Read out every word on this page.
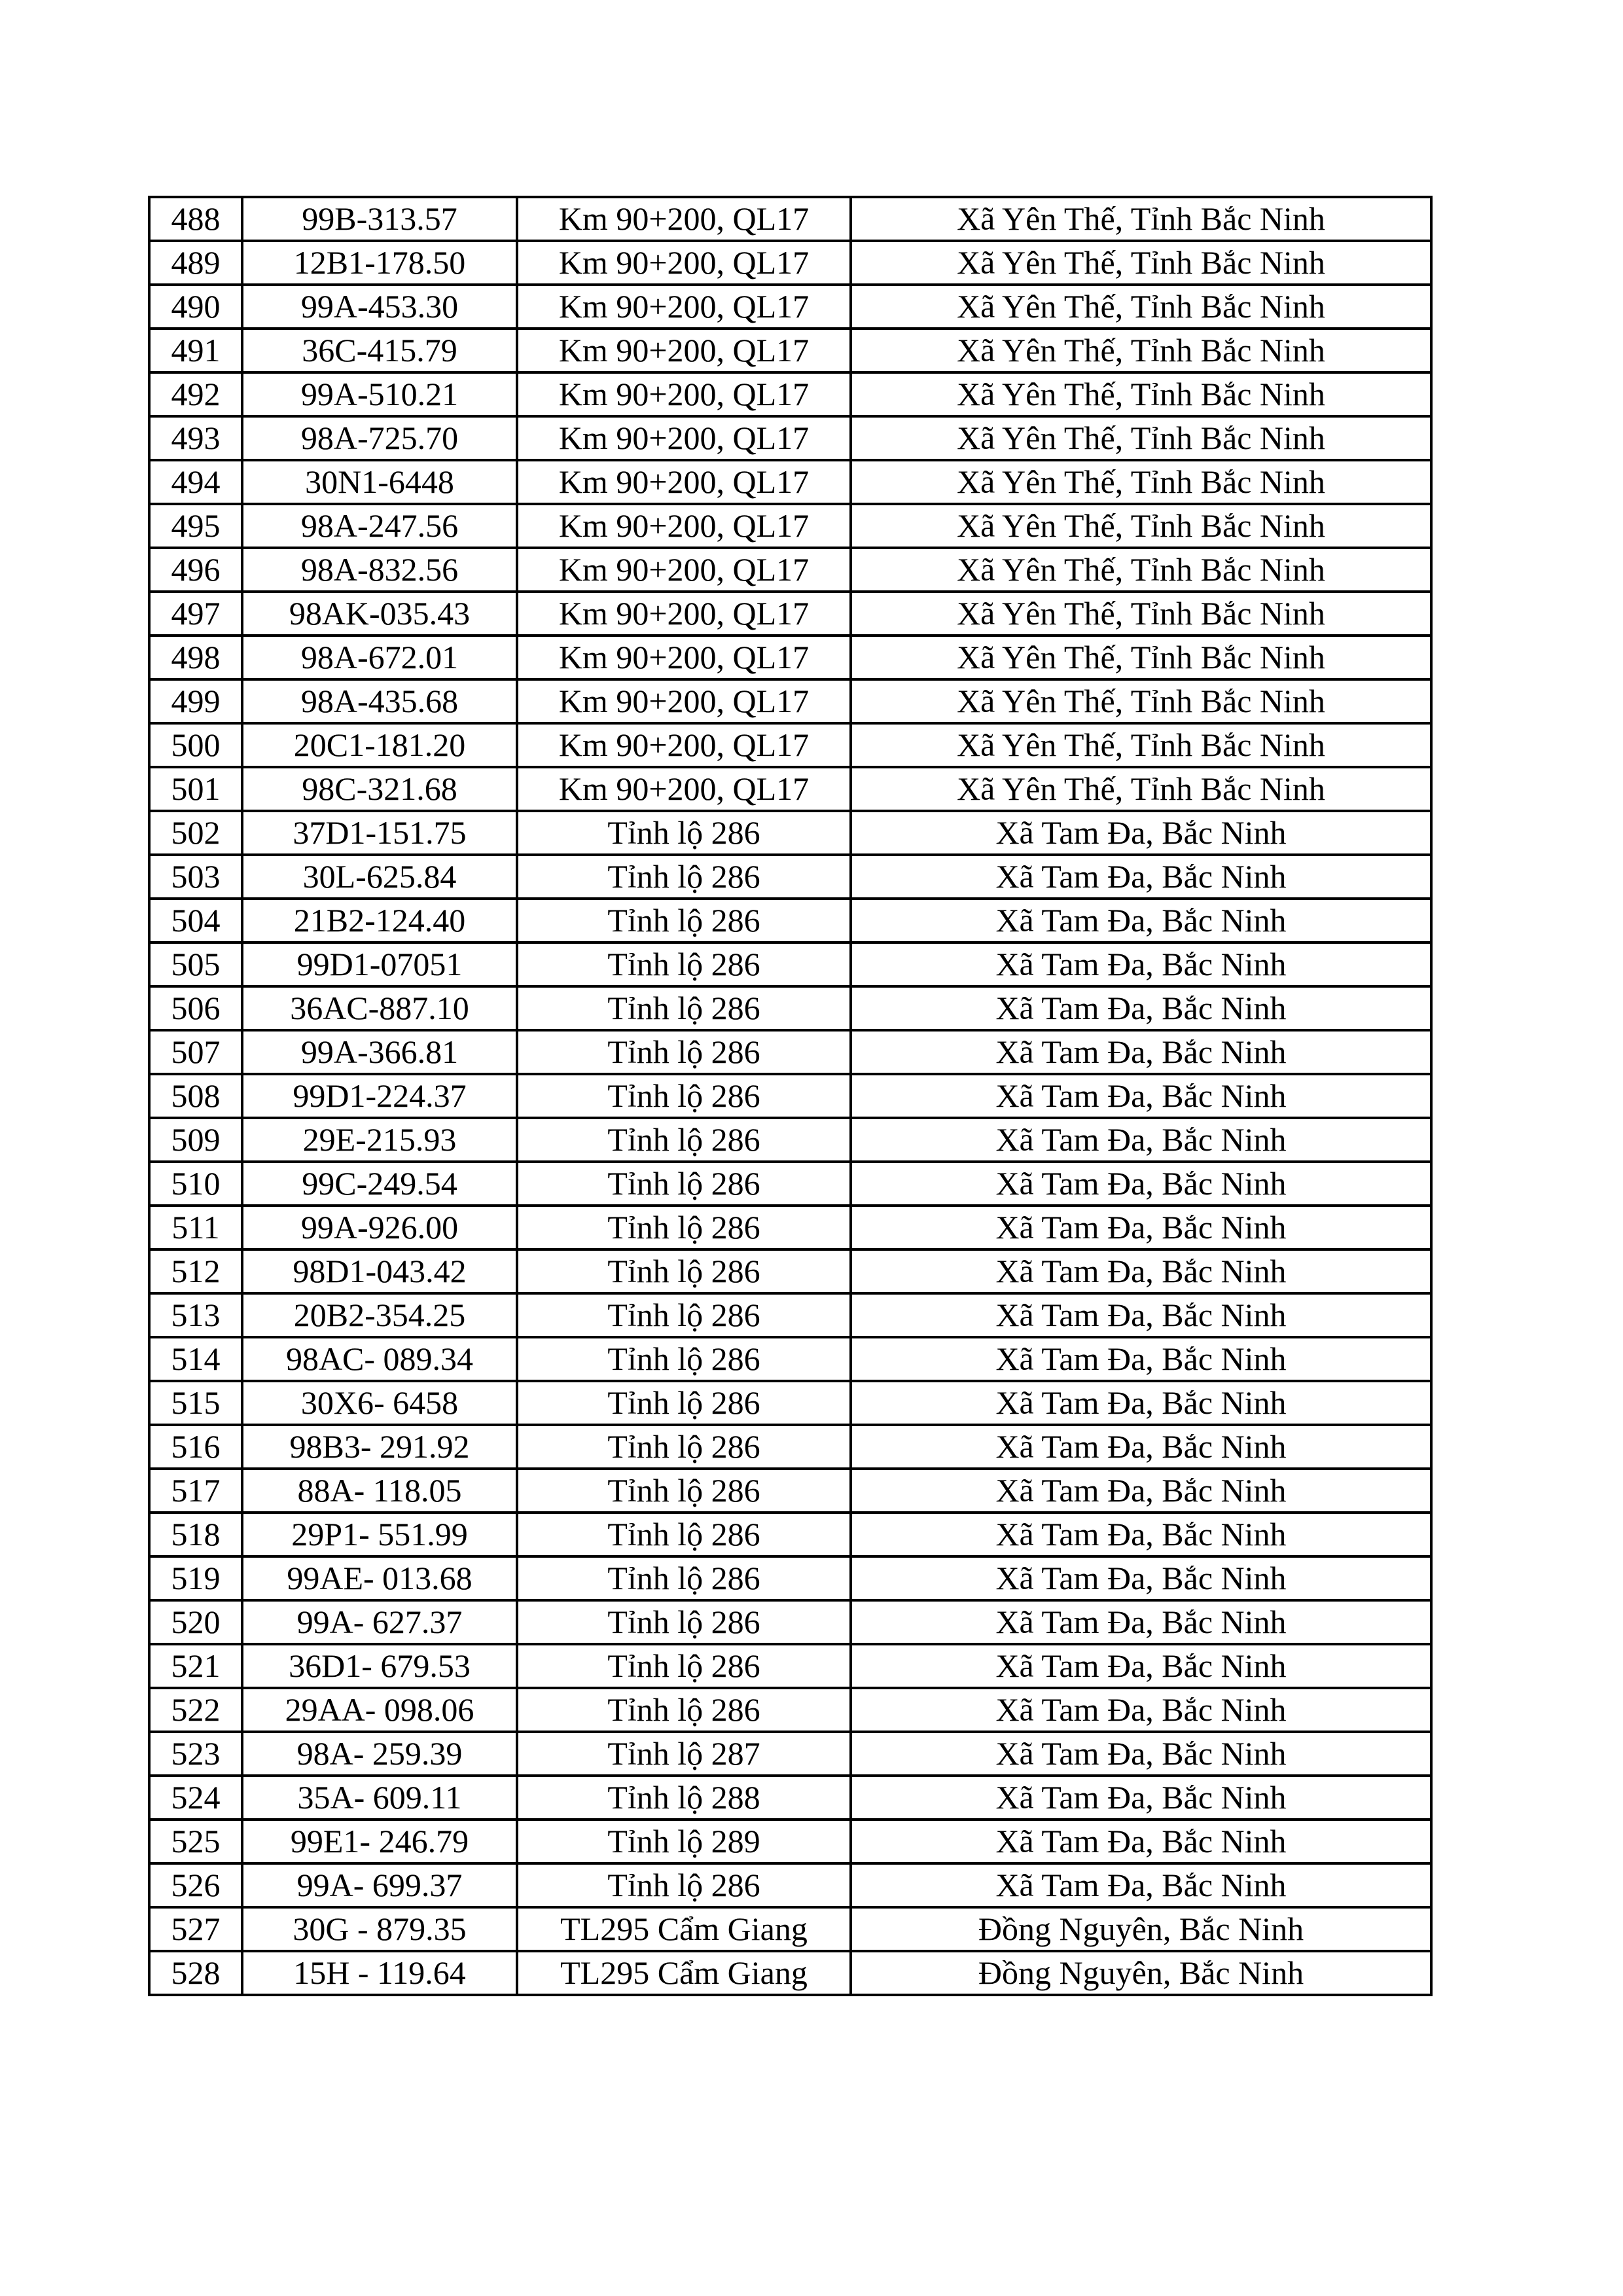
488	99B-313.57	Km 90+200, QL17	Xã Yên Thế, Tỉnh Bắc Ninh
489	12B1-178.50	Km 90+200, QL17	Xã Yên Thế, Tỉnh Bắc Ninh
490	99A-453.30	Km 90+200, QL17	Xã Yên Thế, Tỉnh Bắc Ninh
491	36C-415.79	Km 90+200, QL17	Xã Yên Thế, Tỉnh Bắc Ninh
492	99A-510.21	Km 90+200, QL17	Xã Yên Thế, Tỉnh Bắc Ninh
493	98A-725.70	Km 90+200, QL17	Xã Yên Thế, Tỉnh Bắc Ninh
494	30N1-6448	Km 90+200, QL17	Xã Yên Thế, Tỉnh Bắc Ninh
495	98A-247.56	Km 90+200, QL17	Xã Yên Thế, Tỉnh Bắc Ninh
496	98A-832.56	Km 90+200, QL17	Xã Yên Thế, Tỉnh Bắc Ninh
497	98AK-035.43	Km 90+200, QL17	Xã Yên Thế, Tỉnh Bắc Ninh
498	98A-672.01	Km 90+200, QL17	Xã Yên Thế, Tỉnh Bắc Ninh
499	98A-435.68	Km 90+200, QL17	Xã Yên Thế, Tỉnh Bắc Ninh
500	20C1-181.20	Km 90+200, QL17	Xã Yên Thế, Tỉnh Bắc Ninh
501	98C-321.68	Km 90+200, QL17	Xã Yên Thế, Tỉnh Bắc Ninh
502	37D1-151.75	Tỉnh lộ 286	Xã Tam Đa, Bắc Ninh
503	30L-625.84	Tỉnh lộ 286	Xã Tam Đa, Bắc Ninh
504	21B2-124.40	Tỉnh lộ 286	Xã Tam Đa, Bắc Ninh
505	99D1-07051	Tỉnh lộ 286	Xã Tam Đa, Bắc Ninh
506	36AC-887.10	Tỉnh lộ 286	Xã Tam Đa, Bắc Ninh
507	99A-366.81	Tỉnh lộ 286	Xã Tam Đa, Bắc Ninh
508	99D1-224.37	Tỉnh lộ 286	Xã Tam Đa, Bắc Ninh
509	29E-215.93	Tỉnh lộ 286	Xã Tam Đa, Bắc Ninh
510	99C-249.54	Tỉnh lộ 286	Xã Tam Đa, Bắc Ninh
511	99A-926.00	Tỉnh lộ 286	Xã Tam Đa, Bắc Ninh
512	98D1-043.42	Tỉnh lộ 286	Xã Tam Đa, Bắc Ninh
513	20B2-354.25	Tỉnh lộ 286	Xã Tam Đa, Bắc Ninh
514	98AC- 089.34	Tỉnh lộ 286	Xã Tam Đa, Bắc Ninh
515	30X6- 6458	Tỉnh lộ 286	Xã Tam Đa, Bắc Ninh
516	98B3- 291.92	Tỉnh lộ 286	Xã Tam Đa, Bắc Ninh
517	88A- 118.05	Tỉnh lộ 286	Xã Tam Đa, Bắc Ninh
518	29P1- 551.99	Tỉnh lộ 286	Xã Tam Đa, Bắc Ninh
519	99AE- 013.68	Tỉnh lộ 286	Xã Tam Đa, Bắc Ninh
520	99A- 627.37	Tỉnh lộ 286	Xã Tam Đa, Bắc Ninh
521	36D1- 679.53	Tỉnh lộ 286	Xã Tam Đa, Bắc Ninh
522	29AA- 098.06	Tỉnh lộ 286	Xã Tam Đa, Bắc Ninh
523	98A- 259.39	Tỉnh lộ 287	Xã Tam Đa, Bắc Ninh
524	35A- 609.11	Tỉnh lộ 288	Xã Tam Đa, Bắc Ninh
525	99E1- 246.79	Tỉnh lộ 289	Xã Tam Đa, Bắc Ninh
526	99A- 699.37	Tỉnh lộ 286	Xã Tam Đa, Bắc Ninh
527	30G - 879.35	TL295 Cẩm Giang	Đồng Nguyên, Bắc Ninh
528	15H - 119.64	TL295 Cẩm Giang	Đồng Nguyên, Bắc Ninh
